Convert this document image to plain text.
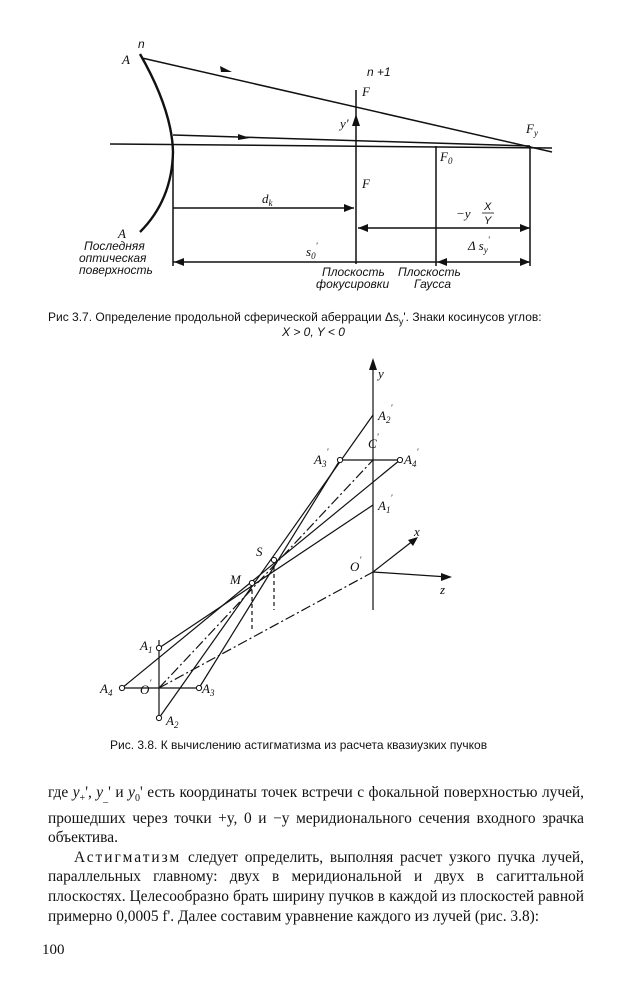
n
n +1
A
F
y'
F
$F_0$
$F_y$
$d_k$
−y X
Y
$s_0'$	Δ $s_y'$
A
Последняя
оптическая
поверхность	Плоскость
фокусировки
Плоскость
Гаусса
Рис 3.7. Определение продольной сферической аберрации $\Delta s_y'$. Знаки косинусов углов:
X > 0, Y < 0
y
x
z
$A_2'$
C'
$A_3'$	$A_4'$
$A_1'$
O'
S
M
$A_1$
$A_4$ O'	$A_3$
$A_2$
Рис. 3.8. К вычислению астигматизма из расчета квазиузких пучков

где $y_+'$, $y_{\_}'$ и $y_0'$ есть координаты точек встречи с фокальной поверхностью лучей, прошедших через точки +y, 0 и −y меридионального сечения входного зрачка объектива.

Астигматизм следует определить, выполняя расчет узкого пучка лучей, параллельных главному: двух в меридиональной и двух в сагиттальной плоскостях. Целесообразно брать ширину пучков в каждой из плоскостей равной примерно 0,0005 f'. Далее составим уравнение каждого из лучей (рис. 3.8):

100
